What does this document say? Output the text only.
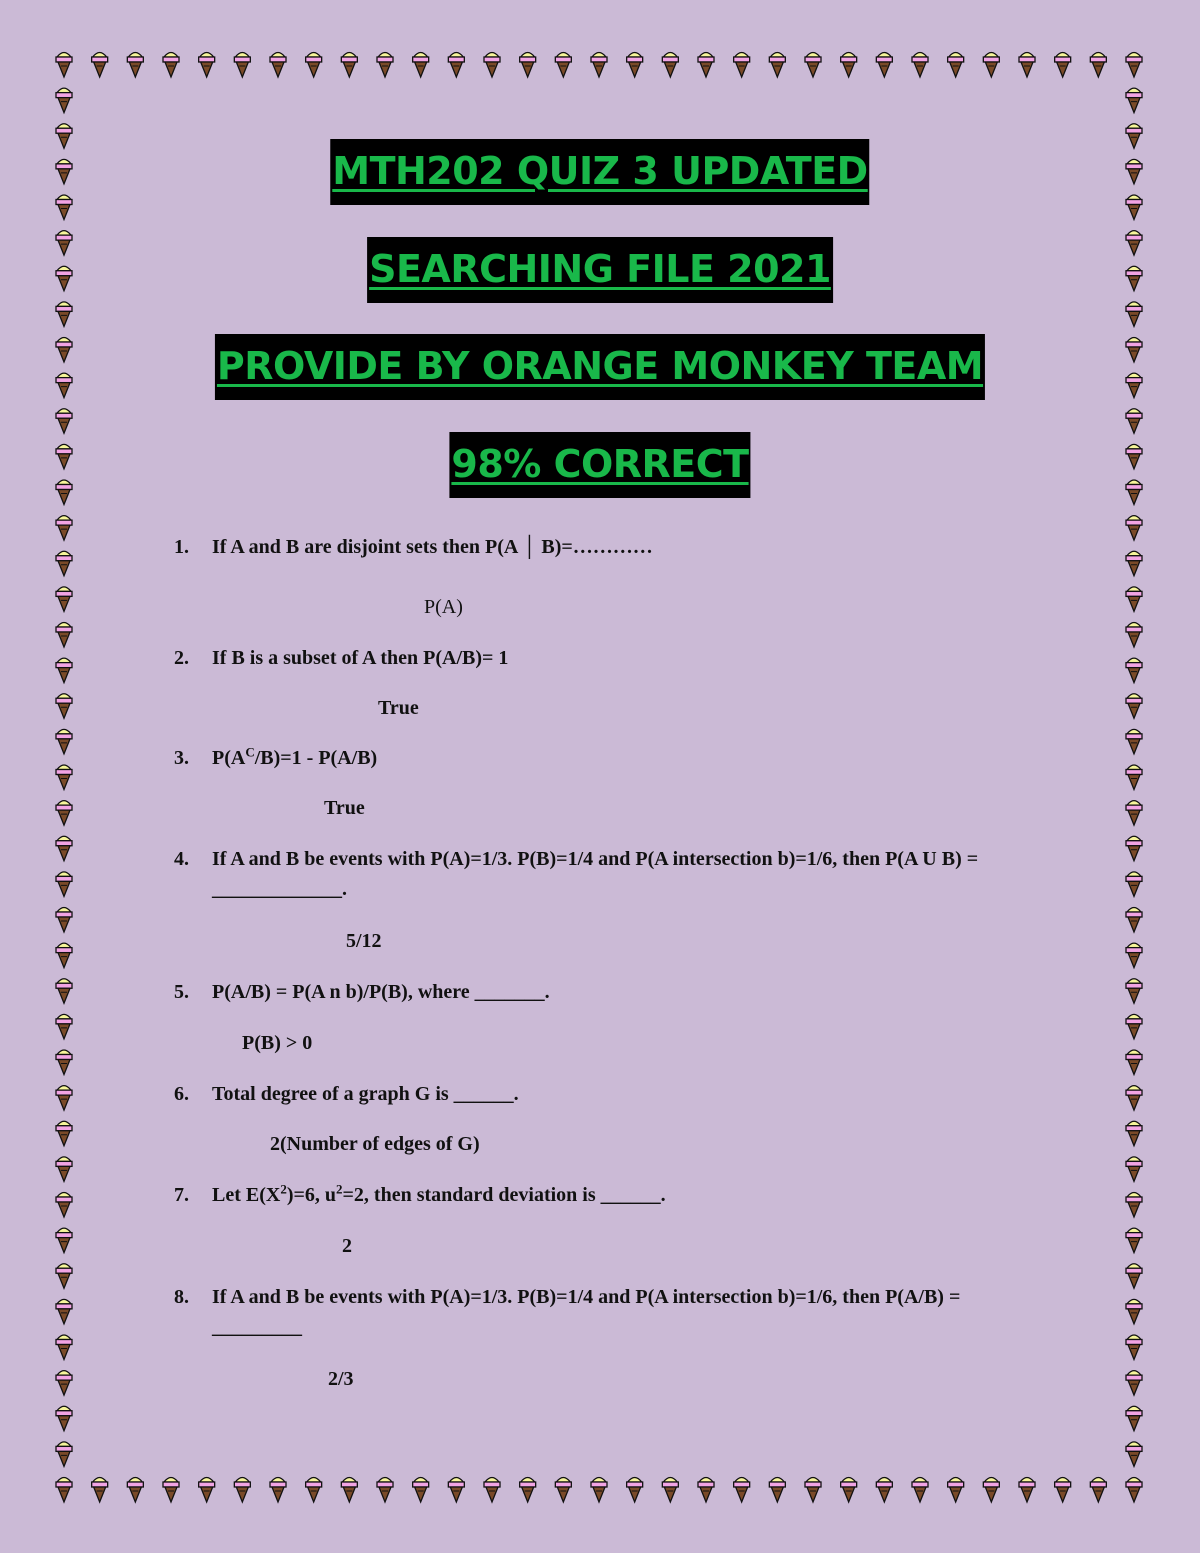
MTH202 QUIZ 3 UPDATED
SEARCHING FILE 2021
PROVIDE BY ORANGE MONKEY TEAM
98% CORRECT
1.	If A and B are disjoint sets then P(A │ B)=…………
P(A)
2.	If B is a subset of A then P(A/B)= 1
True
3.	$P(A^C/B)=1 - P(A/B)$
True
4.	If A and B be events with P(A)=1/3. P(B)=1/4 and P(A intersection b)=1/6, then P(A U B) = _____________.
5/12
5.	P(A/B) = P(A n b)/P(B), where _______.
P(B) > 0
6.	Total degree of a graph G is ______.
2(Number of edges of G)
7.	Let $E(X^2)=6$, $u^2=2$, then standard deviation is ______.
2
8.	If A and B be events with P(A)=1/3. P(B)=1/4 and P(A intersection b)=1/6, then P(A/B) = _________
2/3
